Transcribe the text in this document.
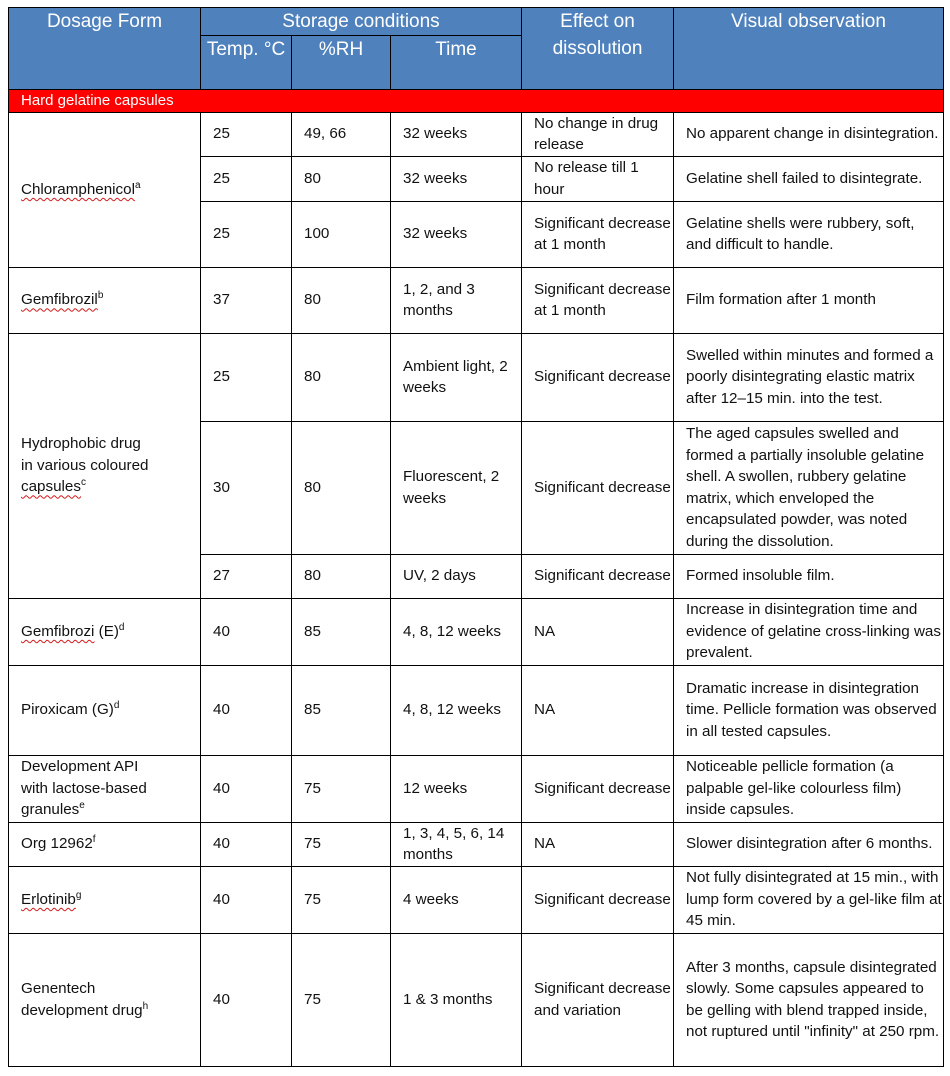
Dosage Form	Storage conditions			Effect on dissolution	Visual observation
	Temp. °C	%RH	Time		
Hard gelatine capsules					
Chloramphenicol$^a$	25	49, 66	32 weeks	No change in drug release	No apparent change in disintegration.
	25	80	32 weeks	No release till 1 hour	Gelatine shell failed to disintegrate.
	25	100	32 weeks	Significant decrease at 1 month	Gelatine shells were rubbery, soft, and difficult to handle.
Gemfibrozil$^b$	37	80	1, 2, and 3 months	Significant decrease at 1 month	Film formation after 1 month
Hydrophobic drug
in various coloured
capsules$^c$	25	80	Ambient light, 2 weeks	Significant decrease	Swelled within minutes and formed a poorly disintegrating elastic matrix after 12–15 min. into the test.
	30	80	Fluorescent, 2 weeks	Significant decrease	The aged capsules swelled and formed a partially insoluble gelatine shell. A swollen, rubbery gelatine matrix, which enveloped the encapsulated powder, was noted during the dissolution.
	27	80	UV, 2 days	Significant decrease	Formed insoluble film.
Gemfibrozi $(E)^d$	40	85	4, 8, 12 weeks	NA	Increase in disintegration time and evidence of gelatine cross-linking was prevalent.
Piroxicam $(G)^d$	40	85	4, 8, 12 weeks	NA	Dramatic increase in disintegration time. Pellicle formation was observed in all tested capsules.
Development API
with lactose-based
granules$^e$	40	75	12 weeks	Significant decrease	Noticeable pellicle formation (a palpable gel-like colourless film) inside capsules.
Org 12962$^f$	40	75	1, 3, 4, 5, 6, 14 months	NA	Slower disintegration after 6 months.
Erlotinib$^g$	40	75	4 weeks	Significant decrease	Not fully disintegrated at 15 min., with lump form covered by a gel-like film at 45 min.
Genentech
development drug$^h$	40	75	1 & 3 months	Significant decrease and variation	After 3 months, capsule disintegrated slowly. Some capsules appeared to be gelling with blend trapped inside, not ruptured until "infinity" at 250 rpm.
